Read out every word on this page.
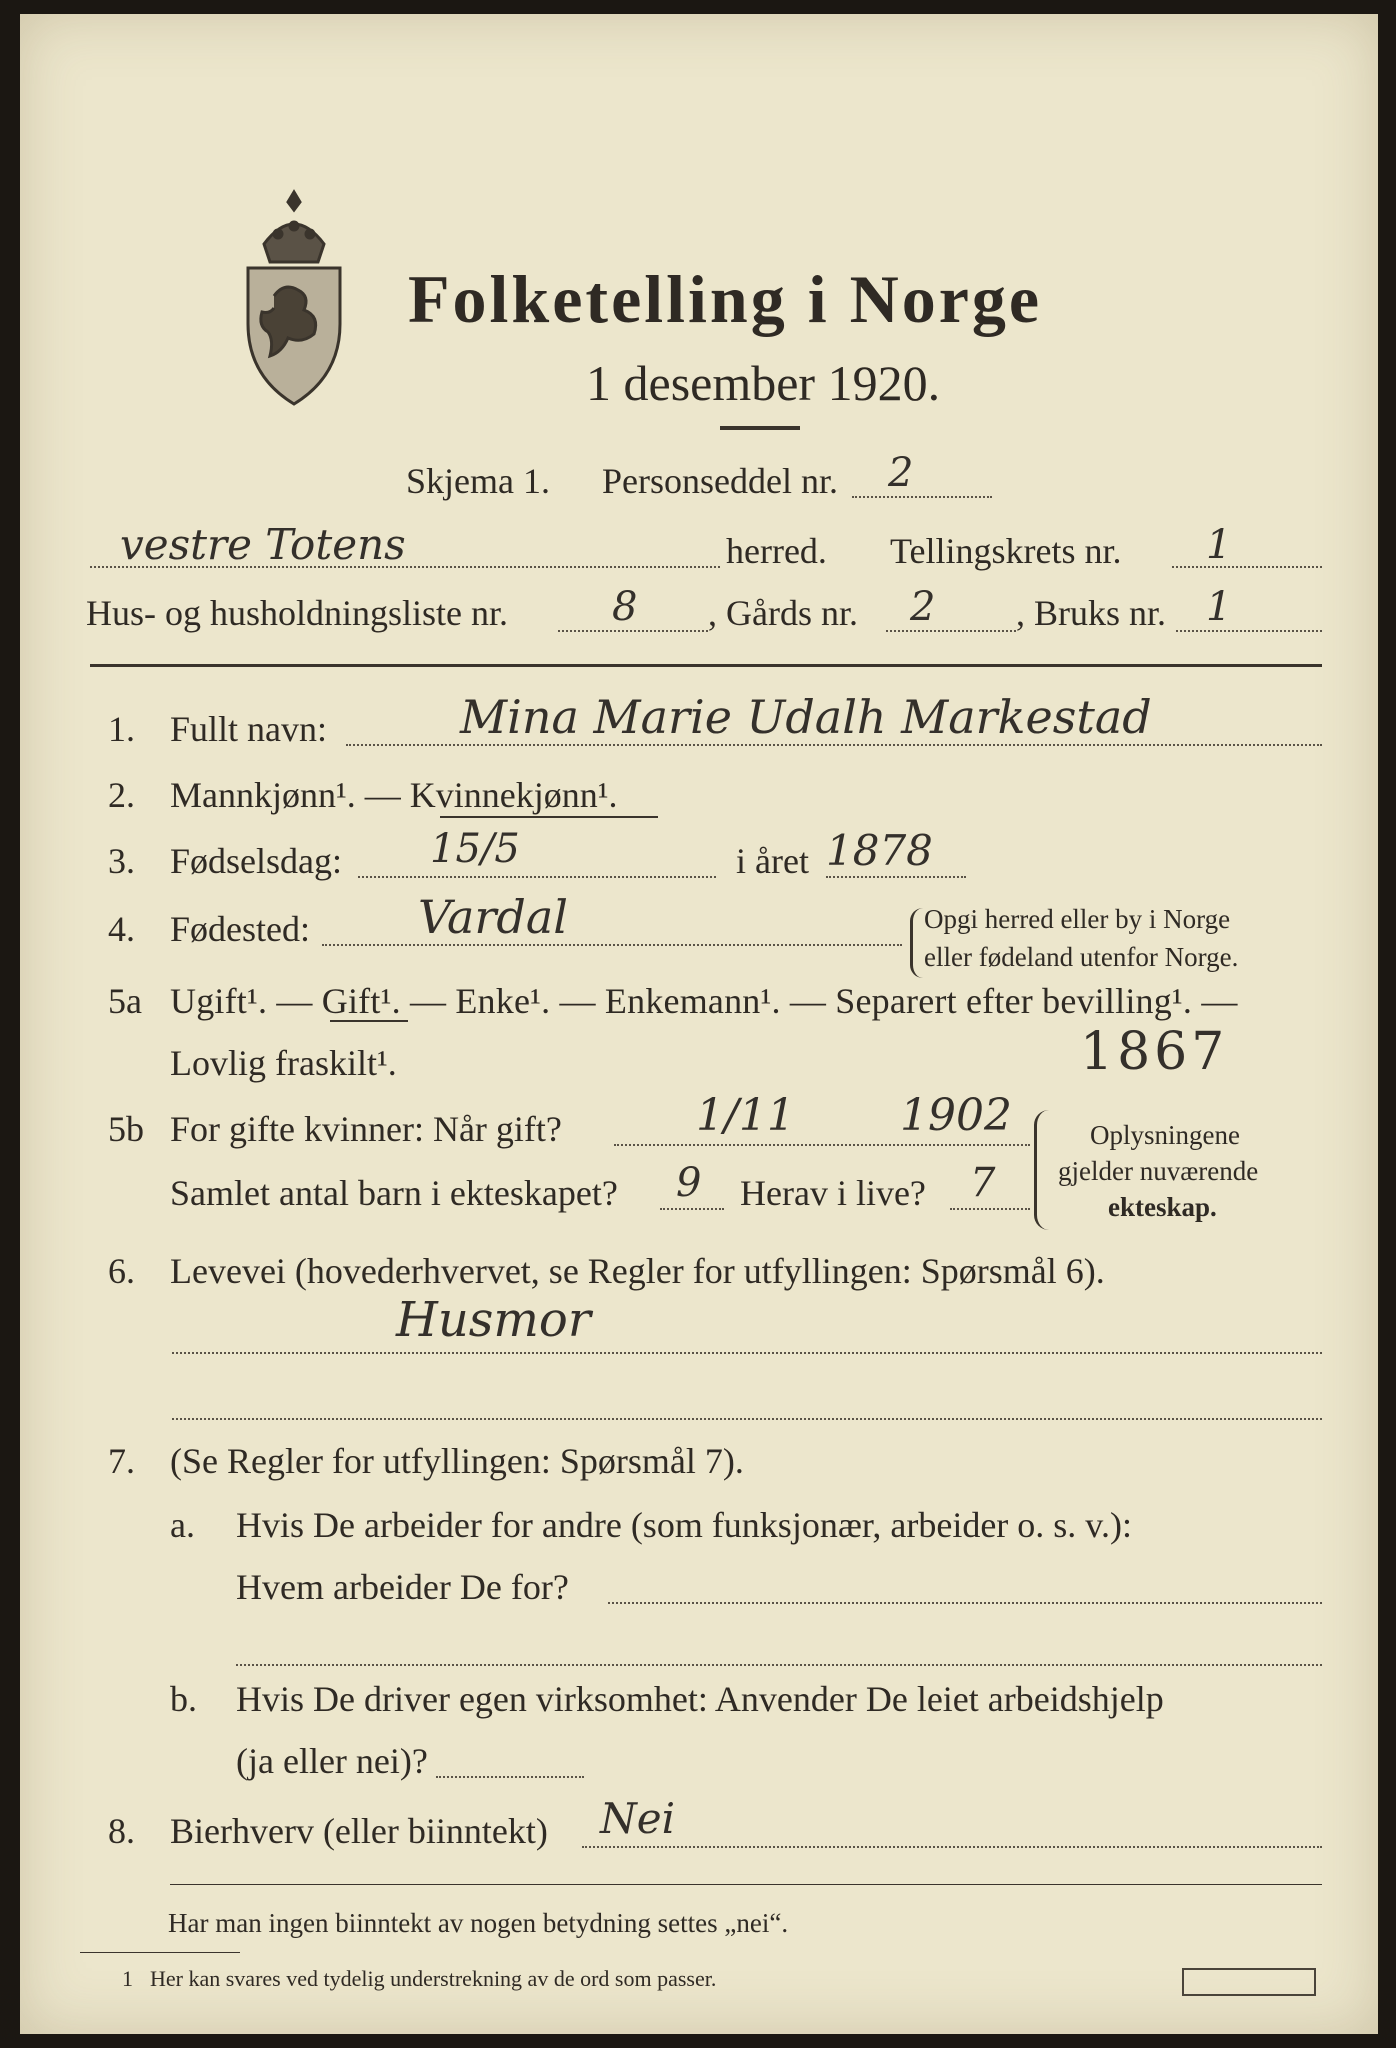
Folketelling i Norge
1 desember 1920.
Skjema 1. Personseddel nr. 2
vestre Totens	herred. Tellingskrets nr. 1
Hus- og husholdningsliste nr.	8 , Gårds nr. 2 , Bruks nr. 1
1. Fullt navn:	Mina Marie Udalh Markestad
2. Mannkjønn¹. — Kvinnekjønn¹.
3. Fødselsdag: 15/5	i året 1878
4. Fødested: Vardal	Opgi herred eller by i Norge
eller fødeland utenfor Norge.
5a Ugift¹. — Gift¹. — Enke¹. — Enkemann¹. — Separert efter bevilling¹. —
Lovlig fraskilt¹.	1867
5b For gifte kvinner: Når gift?	1/11 1902
Samlet antal barn i ekteskapet? 9 Herav i live? 7
Oplysningene
gjelder nuværende
ekteskap.
6. Levevei (hovederhvervet, se Regler for utfyllingen: Spørsmål 6).
Husmor
7. (Se Regler for utfyllingen: Spørsmål 7).
a. Hvis De arbeider for andre (som funksjonær, arbeider o. s. v.):
Hvem arbeider De for?
b. Hvis De driver egen virksomhet: Anvender De leiet arbeidshjelp
(ja eller nei)?
8. Bierhverv (eller biinntekt) Nei
Har man ingen biinntekt av nogen betydning settes „nei“.
1 Her kan svares ved tydelig understrekning av de ord som passer.
